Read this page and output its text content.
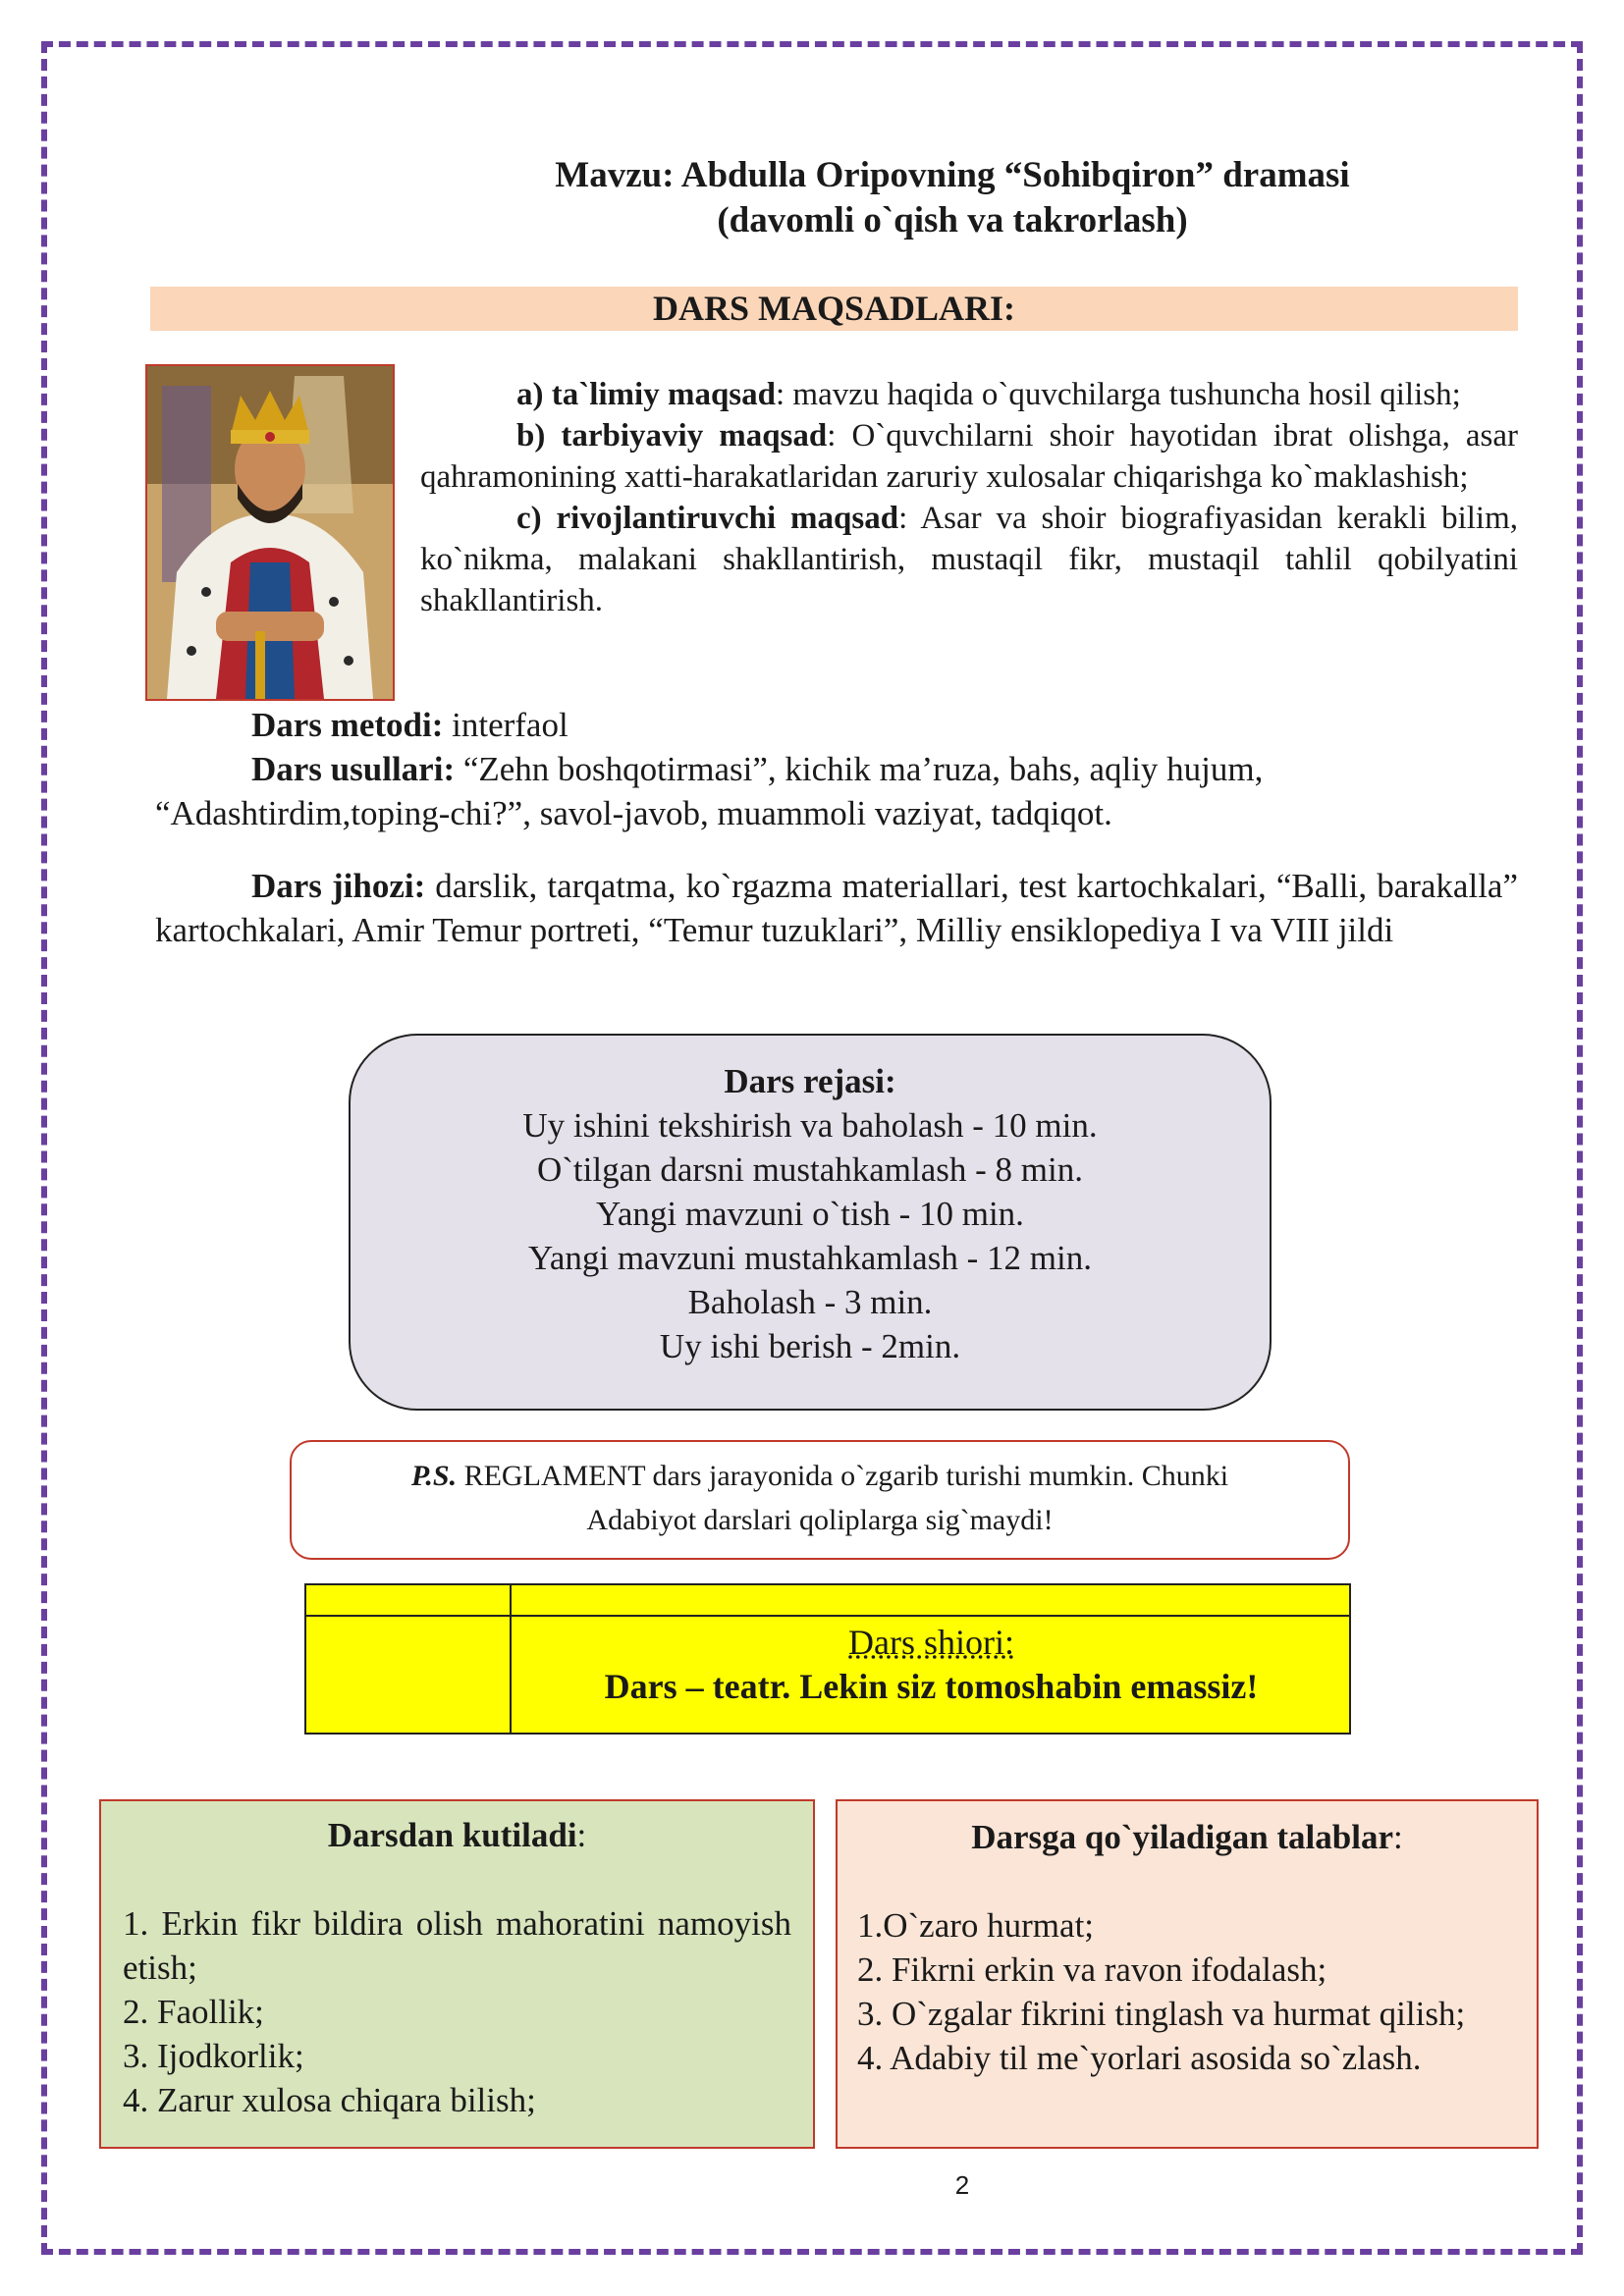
Mavzu: Abdulla Oripovning “Sohibqiron” dramasi
(davomli o`qish va takrorlash)
DARS MAQSADLARI:

a) ta`limiy maqsad: mavzu haqida o`quvchilarga tushuncha hosil qilish;

b) tarbiyaviy maqsad: O`quvchilarni shoir hayotidan ibrat olishga, asar qahramonining xatti-harakatlaridan zaruriy xulosalar chiqarishga ko`maklashish;

c) rivojlantiruvchi maqsad: Asar va shoir biografiyasidan kerakli bilim, ko`nikma, malakani shakllantirish, mustaqil fikr, mustaqil tahlil qobilyatini shakllantirish.

Dars metodi: interfaol

Dars usullari: “Zehn boshqotirmasi”, kichik ma’ruza, bahs, aqliy hujum, “Adashtirdim,toping-chi?”, savol-javob, muammoli vaziyat, tadqiqot.

Dars jihozi: darslik, tarqatma, ko`rgazma materiallari, test kartochkalari, “Balli, barakalla” kartochkalari, Amir Temur portreti, “Temur tuzuklari”, Milliy ensiklopediya I va VIII jildi

Dars rejasi:
Uy ishini tekshirish va baholash - 10 min.
O`tilgan darsni mustahkamlash - 8 min.
Yangi mavzuni o`tish - 10 min.
Yangi mavzuni mustahkamlash - 12 min.
Baholash - 3 min.
Uy ishi berish - 2min.
P.S. REGLAMENT dars jarayonida o`zgarib turishi mumkin. Chunki
Adabiyot darslari qoliplarga sig`maydi!
Dars shiori:
Dars – teatr. Lekin siz tomoshabin emassiz!
Darsdan kutiladi:
1. Erkin fikr bildira olish mahoratini namoyish etish;
2. Faollik;
3. Ijodkorlik;
4. Zarur xulosa chiqara bilish;
Darsga qo`yiladigan talablar:
1.O`zaro hurmat;
2. Fikrni erkin va ravon ifodalash;
3. O`zgalar fikrini tinglash va hurmat qilish;
4. Adabiy til me`yorlari asosida so`zlash.
2
